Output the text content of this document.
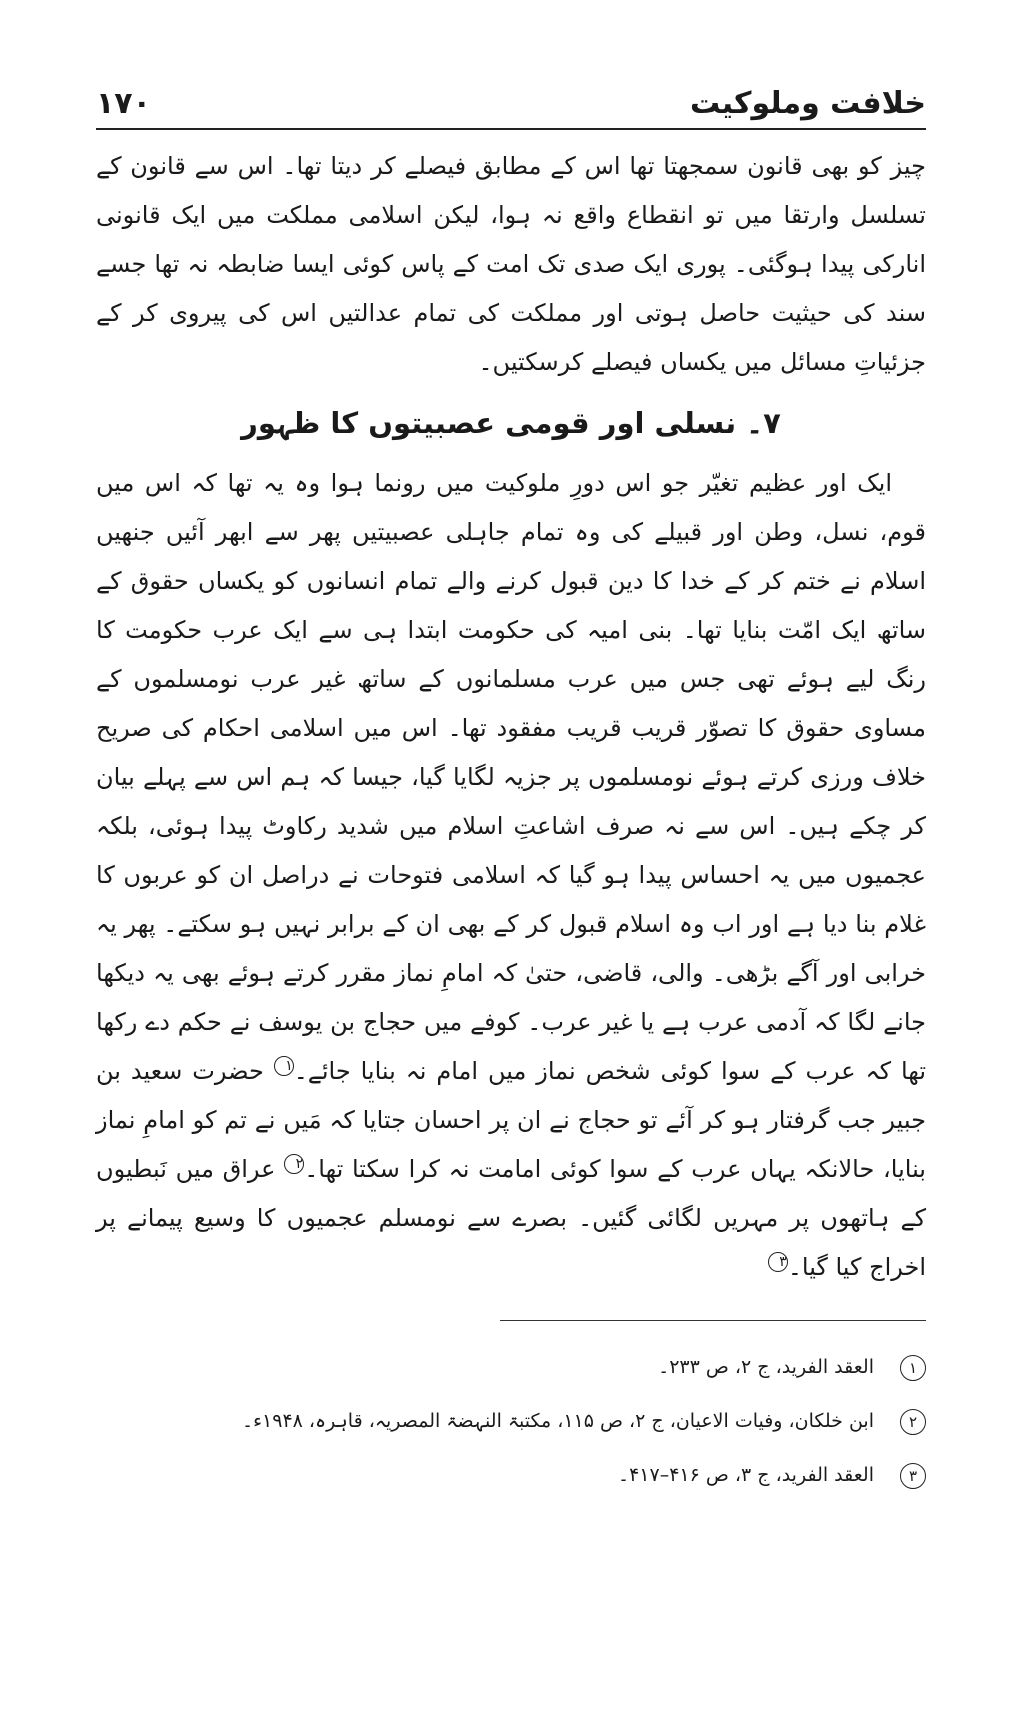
خلافت وملوکیت
۱۷۰

چیز کو بھی قانون سمجھتا تھا اس کے مطابق فیصلے کر دیتا تھا۔ اس سے قانون کے تسلسل وارتقا میں تو انقطاع واقع نہ ہوا، لیکن اسلامی مملکت میں ایک قانونی انارکی پیدا ہوگئی۔ پوری ایک صدی تک امت کے پاس کوئی ایسا ضابطہ نہ تھا جسے سند کی حیثیت حاصل ہوتی اور مملکت کی تمام عدالتیں اس کی پیروی کر کے جزئیاتِ مسائل میں یکساں فیصلے کرسکتیں۔

۷۔ نسلی اور قومی عصبیتوں کا ظہور

ایک اور عظیم تغیّر جو اس دورِ ملوکیت میں رونما ہوا وہ یہ تھا کہ اس میں قوم، نسل، وطن اور قبیلے کی وہ تمام جاہلی عصبیتیں پھر سے ابھر آئیں جنھیں اسلام نے ختم کر کے خدا کا دین قبول کرنے والے تمام انسانوں کو یکساں حقوق کے ساتھ ایک امّت بنایا تھا۔ بنی امیہ کی حکومت ابتدا ہی سے ایک عرب حکومت کا رنگ لیے ہوئے تھی جس میں عرب مسلمانوں کے ساتھ غیر عرب نومسلموں کے مساوی حقوق کا تصوّر قریب قریب مفقود تھا۔ اس میں اسلامی احکام کی صریح خلاف ورزی کرتے ہوئے نومسلموں پر جزیہ لگایا گیا، جیسا کہ ہم اس سے پہلے بیان کر چکے ہیں۔ اس سے نہ صرف اشاعتِ اسلام میں شدید رکاوٹ پیدا ہوئی، بلکہ عجمیوں میں یہ احساس پیدا ہو گیا کہ اسلامی فتوحات نے دراصل ان کو عربوں کا غلام بنا دیا ہے اور اب وہ اسلام قبول کر کے بھی ان کے برابر نہیں ہو سکتے۔ پھر یہ خرابی اور آگے بڑھی۔ والی، قاضی، حتیٰ کہ امامِ نماز مقرر کرتے ہوئے بھی یہ دیکھا جانے لگا کہ آدمی عرب ہے یا غیر عرب۔ کوفے میں حجاج بن یوسف نے حکم دے رکھا تھا کہ عرب کے سوا کوئی شخص نماز میں امام نہ بنایا جائے۔۱ حضرت سعید بن جبیر جب گرفتار ہو کر آئے تو حجاج نے ان پر احسان جتایا کہ مَیں نے تم کو امامِ نماز بنایا، حالانکہ یہاں عرب کے سوا کوئی امامت نہ کرا سکتا تھا۔۲ عراق میں نَبطیوں کے ہاتھوں پر مہریں لگائی گئیں۔ بصرے سے نومسلم عجمیوں کا وسیع پیمانے پر اخراج کیا گیا۔۳

۱العقد الفرید، ج ۲، ص ۲۳۳۔
۲ابن خلکان، وفیات الاعیان، ج ۲، ص ۱۱۵، مکتبۃ النہضۃ المصریہ، قاہرہ، ۱۹۴۸ء۔
۳العقد الفرید، ج ۳، ص ۴۱۶–۴۱۷۔
